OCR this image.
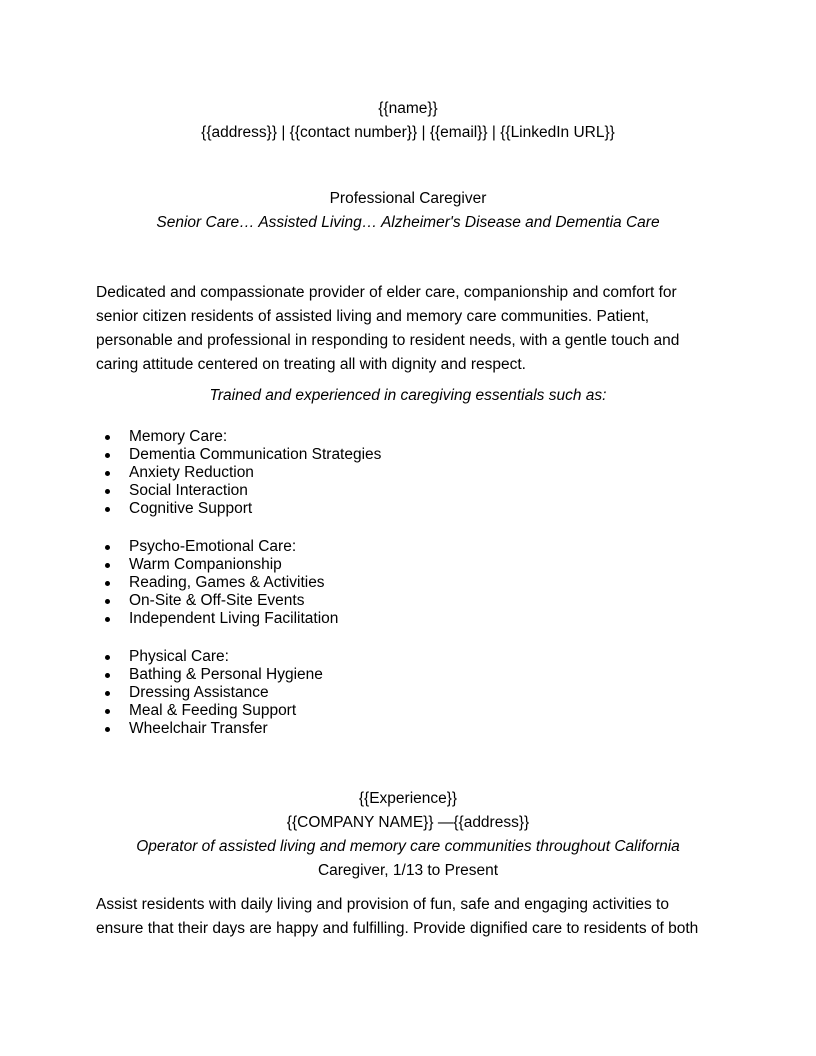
{{name}}
{{address}} | {{contact number}} | {{email}} | {{LinkedIn URL}}
Professional Caregiver
Senior Care… Assisted Living… Alzheimer's Disease and Dementia Care
Dedicated and compassionate provider of elder care, companionship and comfort for senior citizen residents of assisted living and memory care communities. Patient, personable and professional in responding to resident needs, with a gentle touch and caring attitude centered on treating all with dignity and respect.
Trained and experienced in caregiving essentials such as:
Memory Care:
Dementia Communication Strategies
Anxiety Reduction
Social Interaction
Cognitive Support
Psycho-Emotional Care:
Warm Companionship
Reading, Games & Activities
On-Site & Off-Site Events
Independent Living Facilitation
Physical Care:
Bathing & Personal Hygiene
Dressing Assistance
Meal & Feeding Support
Wheelchair Transfer
{{Experience}}
{{COMPANY NAME}} —{{address}}
Operator of assisted living and memory care communities throughout California
Caregiver, 1/13 to Present
Assist residents with daily living and provision of fun, safe and engaging activities to
ensure that their days are happy and fulfilling. Provide dignified care to residents of both
